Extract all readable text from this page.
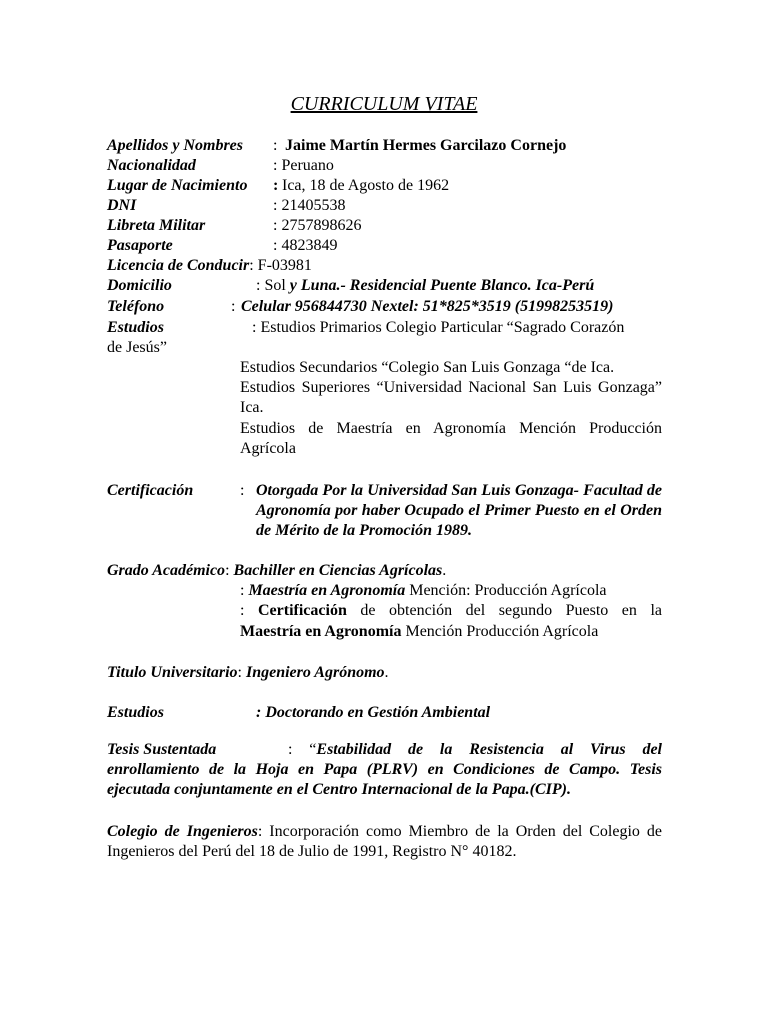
CURRICULUM VITAE
Apellidos y Nombres : Jaime Martín Hermes Garcilazo Cornejo
Nacionalidad	: Peruano
Lugar de Nacimiento : Ica, 18 de Agosto de 1962
DNI	: 21405538
Libreta Militar	: 2757898626
Pasaporte	: 4823849
Licencia de Conducir: F-03981
Domicilio	: Sol y Luna.- Residencial Puente Blanco. Ica-Perú
Teléfono	: Celular 956844730 Nextel: 51*825*3519 (51998253519)
Estudios	: Estudios Primarios Colegio Particular “Sagrado Corazón
de Jesús”
Estudios Secundarios “Colegio San Luis Gonzaga “de Ica.
Estudios Superiores “Universidad Nacional San Luis Gonzaga” Ica.
Estudios de Maestría en Agronomía Mención Producción Agrícola
Certificación	: Otorgada Por la Universidad San Luis Gonzaga- Facultad de Agronomía por haber Ocupado el Primer Puesto en el Orden de Mérito de la Promoción 1989.
Grado Académico: Bachiller en Ciencias Agrícolas.
: Maestría en Agronomía Mención: Producción Agrícola
: Certificación de obtención del segundo Puesto en la
Maestría en Agronomía Mención Producción Agrícola
Titulo Universitario: Ingeniero Agrónomo.
Estudios	: Doctorando en Gestión Ambiental
Tesis Sustentada	: “Estabilidad de la Resistencia al Virus del
enrollamiento de la Hoja en Papa (PLRV) en Condiciones de Campo. Tesis ejecutada conjuntamente en el Centro Internacional de la Papa.(CIP).
Colegio de Ingenieros: Incorporación como Miembro de la Orden del Colegio de Ingenieros del Perú del 18 de Julio de 1991, Registro N° 40182.
